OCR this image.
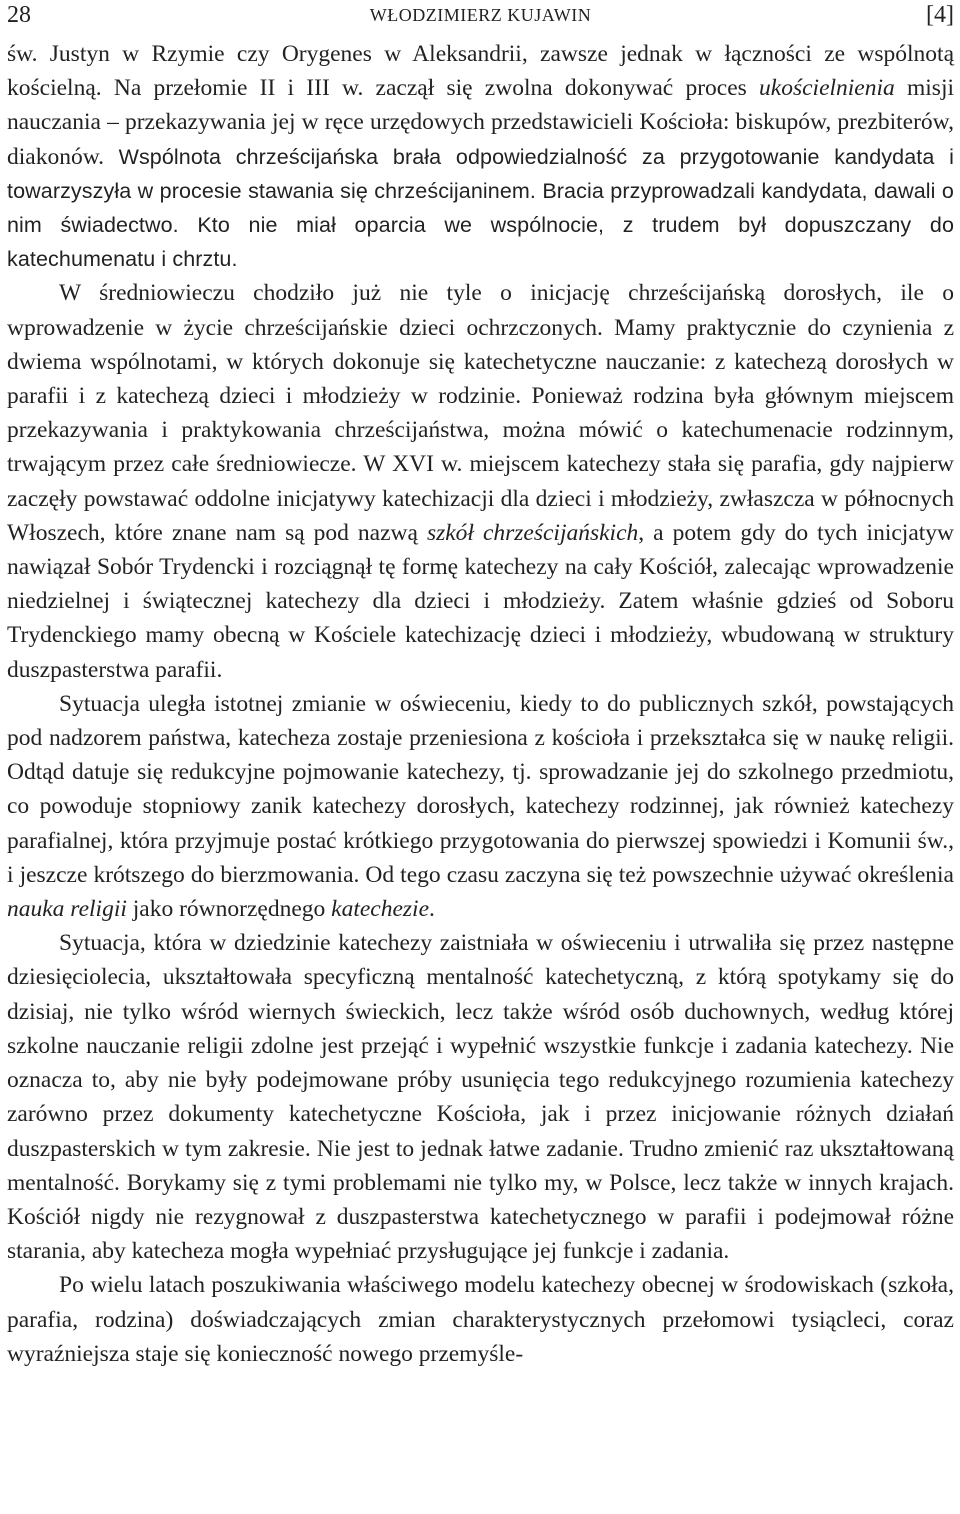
28	WŁODZIMIERZ KUJAWIN	[4]

św. Justyn w Rzymie czy Orygenes w Aleksandrii, zawsze jednak w łączności ze wspólnotą kościelną. Na przełomie II i III w. zaczął się zwolna dokonywać proces ukościelnienia misji nauczania – przekazywania jej w ręce urzędowych przedstawicieli Kościoła: biskupów, prezbiterów, diakonów. Wspólnota chrześcijańska brała odpowiedzialność za przygotowanie kandydata i towarzyszyła w procesie stawania się chrześcijaninem. Bracia przyprowadzali kandydata, dawali o nim świadectwo. Kto nie miał oparcia we wspólnocie, z trudem był dopuszczany do katechumenatu i chrztu.

W średniowieczu chodziło już nie tyle o inicjację chrześcijańską dorosłych, ile o wprowadzenie w życie chrześcijańskie dzieci ochrzczonych. Mamy praktycznie do czynienia z dwiema wspólnotami, w których dokonuje się katechetyczne nauczanie: z katechezą dorosłych w parafii i z katechezą dzieci i młodzieży w rodzinie. Ponieważ rodzina była głównym miejscem przekazywania i praktykowania chrześcijaństwa, można mówić o katechumenacie rodzinnym, trwającym przez całe średniowiecze. W XVI w. miejscem katechezy stała się parafia, gdy najpierw zaczęły powstawać oddolne inicjatywy katechizacji dla dzieci i młodzieży, zwłaszcza w północnych Włoszech, które znane nam są pod nazwą szkół chrześcijańskich, a potem gdy do tych inicjatyw nawiązał Sobór Trydencki i rozciągnął tę formę katechezy na cały Kościół, zalecając wprowadzenie niedzielnej i świątecznej katechezy dla dzieci i młodzieży. Zatem właśnie gdzieś od Soboru Trydenckiego mamy obecną w Kościele katechizację dzieci i młodzieży, wbudowaną w struktury duszpasterstwa parafii.

Sytuacja uległa istotnej zmianie w oświeceniu, kiedy to do publicznych szkół, powstających pod nadzorem państwa, katecheza zostaje przeniesiona z kościoła i przekształca się w naukę religii. Odtąd datuje się redukcyjne pojmowanie katechezy, tj. sprowadzanie jej do szkolnego przedmiotu, co powoduje stopniowy zanik katechezy dorosłych, katechezy rodzinnej, jak również katechezy parafialnej, która przyjmuje postać krótkiego przygotowania do pierwszej spowiedzi i Komunii św., i jeszcze krótszego do bierzmowania. Od tego czasu zaczyna się też powszechnie używać określenia nauka religii jako równorzędnego katechezie.

Sytuacja, która w dziedzinie katechezy zaistniała w oświeceniu i utrwaliła się przez następne dziesięciolecia, ukształtowała specyficzną mentalność katechetyczną, z którą spotykamy się do dzisiaj, nie tylko wśród wiernych świeckich, lecz także wśród osób duchownych, według której szkolne nauczanie religii zdolne jest przejąć i wypełnić wszystkie funkcje i zadania katechezy. Nie oznacza to, aby nie były podejmowane próby usunięcia tego redukcyjnego rozumienia katechezy zarówno przez dokumenty katechetyczne Kościoła, jak i przez inicjowanie różnych działań duszpasterskich w tym zakresie. Nie jest to jednak łatwe zadanie. Trudno zmienić raz ukształtowaną mentalność. Borykamy się z tymi problemami nie tylko my, w Polsce, lecz także w innych krajach. Kościół nigdy nie rezygnował z duszpasterstwa katechetycznego w parafii i podejmował różne starania, aby katecheza mogła wypełniać przysługujące jej funkcje i zadania.

Po wielu latach poszukiwania właściwego modelu katechezy obecnej w środowiskach (szkoła, parafia, rodzina) doświadczających zmian charakterystycznych przełomowi tysiącleci, coraz wyraźniejsza staje się konieczność nowego przemyśle-
